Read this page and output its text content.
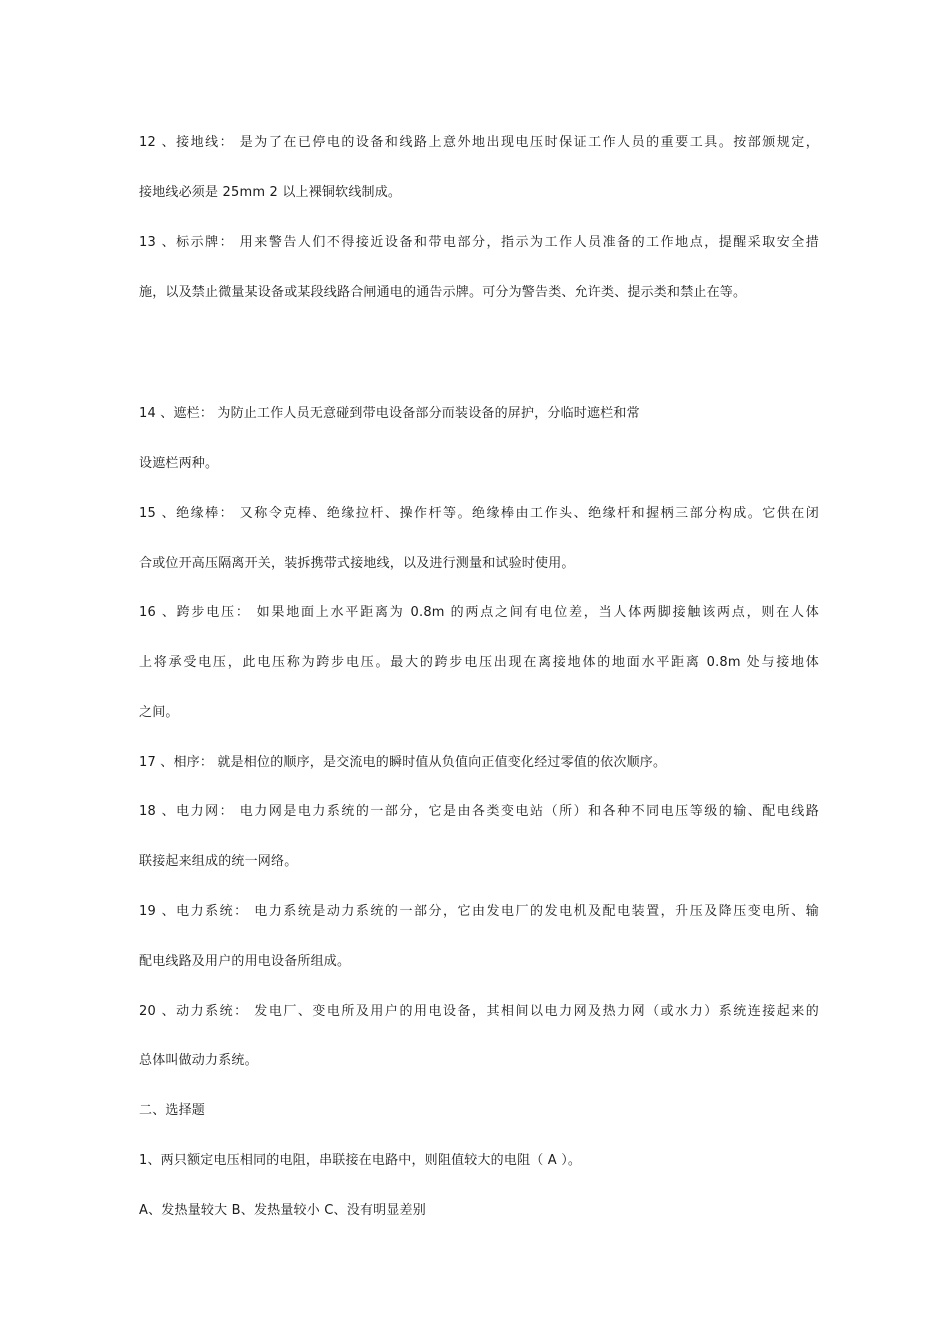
12 、接地线： 是为了在已停电的设备和线路上意外地出现电压时保证工作人员的重要工具。按部颁规定，
接地线必须是 25mm 2 以上裸铜软线制成。
13 、标示牌： 用来警告人们不得接近设备和带电部分，指示为工作人员准备的工作地点，提醒采取安全措
施，以及禁止微量某设备或某段线路合闸通电的通告示牌。可分为警告类、允许类、提示类和禁止在等。
14 、遮栏： 为防止工作人员无意碰到带电设备部分而装设备的屏护，分临时遮栏和常
设遮栏两种。
15 、绝缘棒： 又称令克棒、绝缘拉杆、操作杆等。绝缘棒由工作头、绝缘杆和握柄三部分构成。它供在闭
合或位开高压隔离开关，装拆携带式接地线，以及进行测量和试验时使用。
16 、跨步电压： 如果地面上水平距离为 0.8m 的两点之间有电位差，当人体两脚接触该两点，则在人体
上将承受电压，此电压称为跨步电压。最大的跨步电压出现在离接地体的地面水平距离 0.8m 处与接地体
之间。
17 、相序： 就是相位的顺序，是交流电的瞬时值从负值向正值变化经过零值的依次顺序。
18 、电力网： 电力网是电力系统的一部分，它是由各类变电站（所）和各种不同电压等级的输、配电线路
联接起来组成的统一网络。
19 、电力系统： 电力系统是动力系统的一部分，它由发电厂的发电机及配电装置，升压及降压变电所、输
配电线路及用户的用电设备所组成。
20 、动力系统： 发电厂、变电所及用户的用电设备，其相间以电力网及热力网（或水力）系统连接起来的
总体叫做动力系统。
二、选择题
1、两只额定电压相同的电阻，串联接在电路中，则阻值较大的电阻（ A ）。
A、发热量较大 B、发热量较小 C、没有明显差别
